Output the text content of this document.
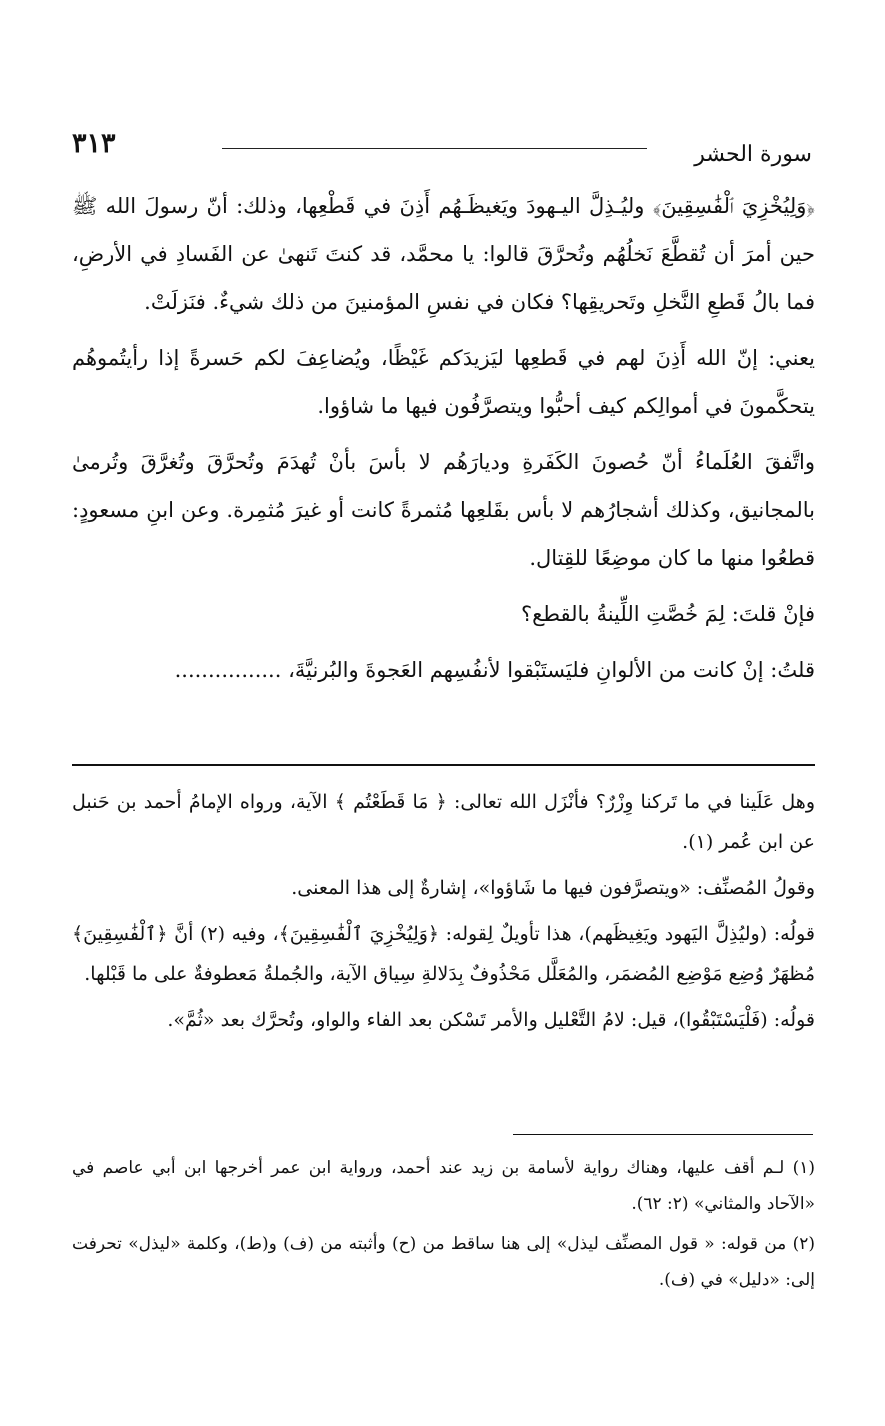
سورة الحشر
٣١٣

﴿وَلِيُخْزِيَ ٱلْفَٰسِقِينَ﴾ وليُـذِلَّ اليـهودَ ويَغيظَـهُم أَذِنَ في قَطْعِها، وذلك: أنّ رسولَ الله ﷺ حين أمرَ أن تُقطَّعَ نَخلُهُم وتُحرَّقَ قالوا: يا محمَّد، قد كنتَ تَنهىٰ عن الفَسادِ في الأرضِ، فما بالُ قَطعِ النَّخلِ وتَحريقِها؟ فكان في نفسِ المؤمنينَ من ذلك شيءٌ. فنَزلَتْ.

يعني: إنّ الله أَذِنَ لهم في قَطعِها ليَزيدَكم غَيْظًا، ويُضاعِفَ لكم حَسرةً إذا رأيتُموهُم يتحكَّمونَ في أموالِكم كيف أحبُّوا ويتصرَّفُون فيها ما شاؤوا.

واتَّفقَ العُلَماءُ أنّ حُصونَ الكَفَرةِ وديارَهُم لا بأسَ بأنْ تُهدَمَ وتُحرَّقَ وتُغرَّقَ وتُرمىٰ بالمجانيق، وكذلك أشجارُهم لا بأس بقَلعِها مُثمرةً كانت أو غيرَ مُثمِرة. وعن ابنِ مسعودٍ: قطعُوا منها ما كان موضِعًا للقِتال.

فإنْ قلتَ: لِمَ خُصَّتِ اللِّينةُ بالقطع؟

قلتُ: إنْ كانت من الألوانِ فليَستَبْقوا لأنفُسِهم العَجوةَ والبُرنيَّةَ، ................

وهل عَلَينا في ما تَركنا وِزْرٌ؟ فأنْزَل الله تعالى: ﴿ مَا قَطَعْتُم ﴾ الآية، ورواه الإمامُ أحمد بن حَنبل عن ابن عُمر (١).

وقولُ المُصنِّف: «ويتصرَّفون فيها ما شَاؤوا»، إشارةٌ إلى هذا المعنى.

قولُه: (وليُذِلَّ اليَهود ويَغِيظَهم)، هذا تأويلٌ لِقوله: ﴿وَلِيُخْزِيَ ٱلْفَٰسِقِينَ﴾، وفيه (٢) أنَّ ﴿ٱلْفَٰسِقِينَ﴾ مُظهَرٌ وُضِع مَوْضِع المُضمَر، والمُعَلَّل مَحْذُوفٌ بِدَلالةِ سِياق الآية، والجُملةُ مَعطوفةٌ على ما قَبْلها.

قولُه: (فَلْيَسْتَبْقُوا)، قيل: لامُ التَّعْليل والأمر تَسْكن بعد الفاء والواو، وتُحرَّك بعد «ثُمَّ».

(١) لـم أقف عليها، وهناك رواية لأسامة بن زيد عند أحمد، ورواية ابن عمر أخرجها ابن أبي عاصم في «الآحاد والمثاني» (٢: ٦٢).

(٢) من قوله: « قول المصنِّف ليذل» إلى هنا ساقط من (ح) وأثبته من (ف) و(ط)، وكلمة «ليذل» تحرفت إلى: «دليل» في (ف).
